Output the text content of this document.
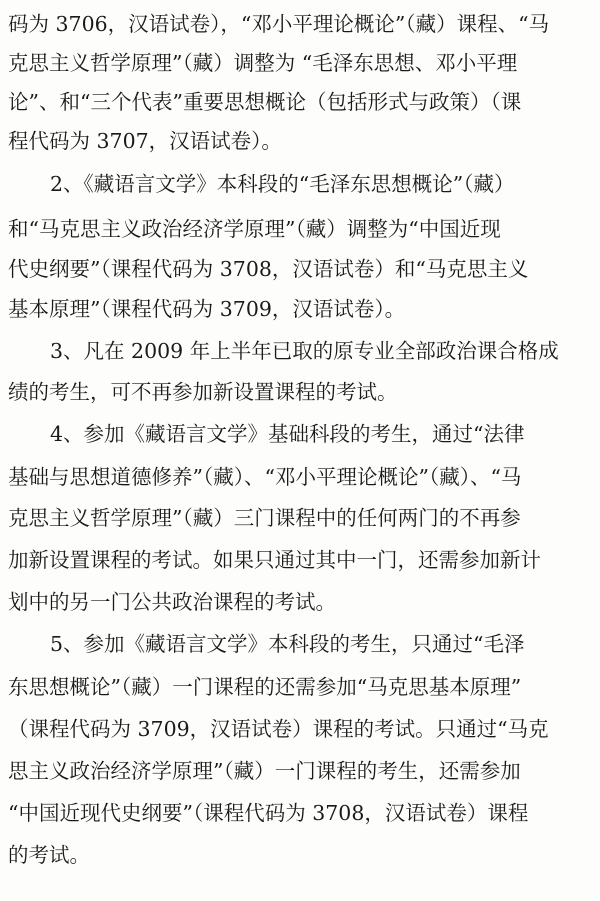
码为 3706，汉语试卷），“邓小平理论概论”（藏）课程、“马
克思主义哲学原理”（藏）调整为 “毛泽东思想、邓小平理
论”、和“三个代表”重要思想概论（包括形式与政策）（课
程代码为 3707，汉语试卷）。
2、《藏语言文学》本科段的“毛泽东思想概论”（藏）
和“马克思主义政治经济学原理”（藏）调整为“中国近现
代史纲要”（课程代码为 3708，汉语试卷）和“马克思主义
基本原理”（课程代码为 3709，汉语试卷）。
3、凡在 2009 年上半年已取的原专业全部政治课合格成
绩的考生，可不再参加新设置课程的考试。
4、参加《藏语言文学》基础科段的考生，通过“法律
基础与思想道德修养”（藏）、“邓小平理论概论”（藏）、“马
克思主义哲学原理”（藏）三门课程中的任何两门的不再参
加新设置课程的考试。如果只通过其中一门，还需参加新计
划中的另一门公共政治课程的考试。
5、参加《藏语言文学》本科段的考生，只通过“毛泽
东思想概论”（藏）一门课程的还需参加“马克思基本原理”
（课程代码为 3709，汉语试卷）课程的考试。只通过“马克
思主义政治经济学原理”（藏）一门课程的考生，还需参加
“中国近现代史纲要”（课程代码为 3708，汉语试卷）课程
的考试。
